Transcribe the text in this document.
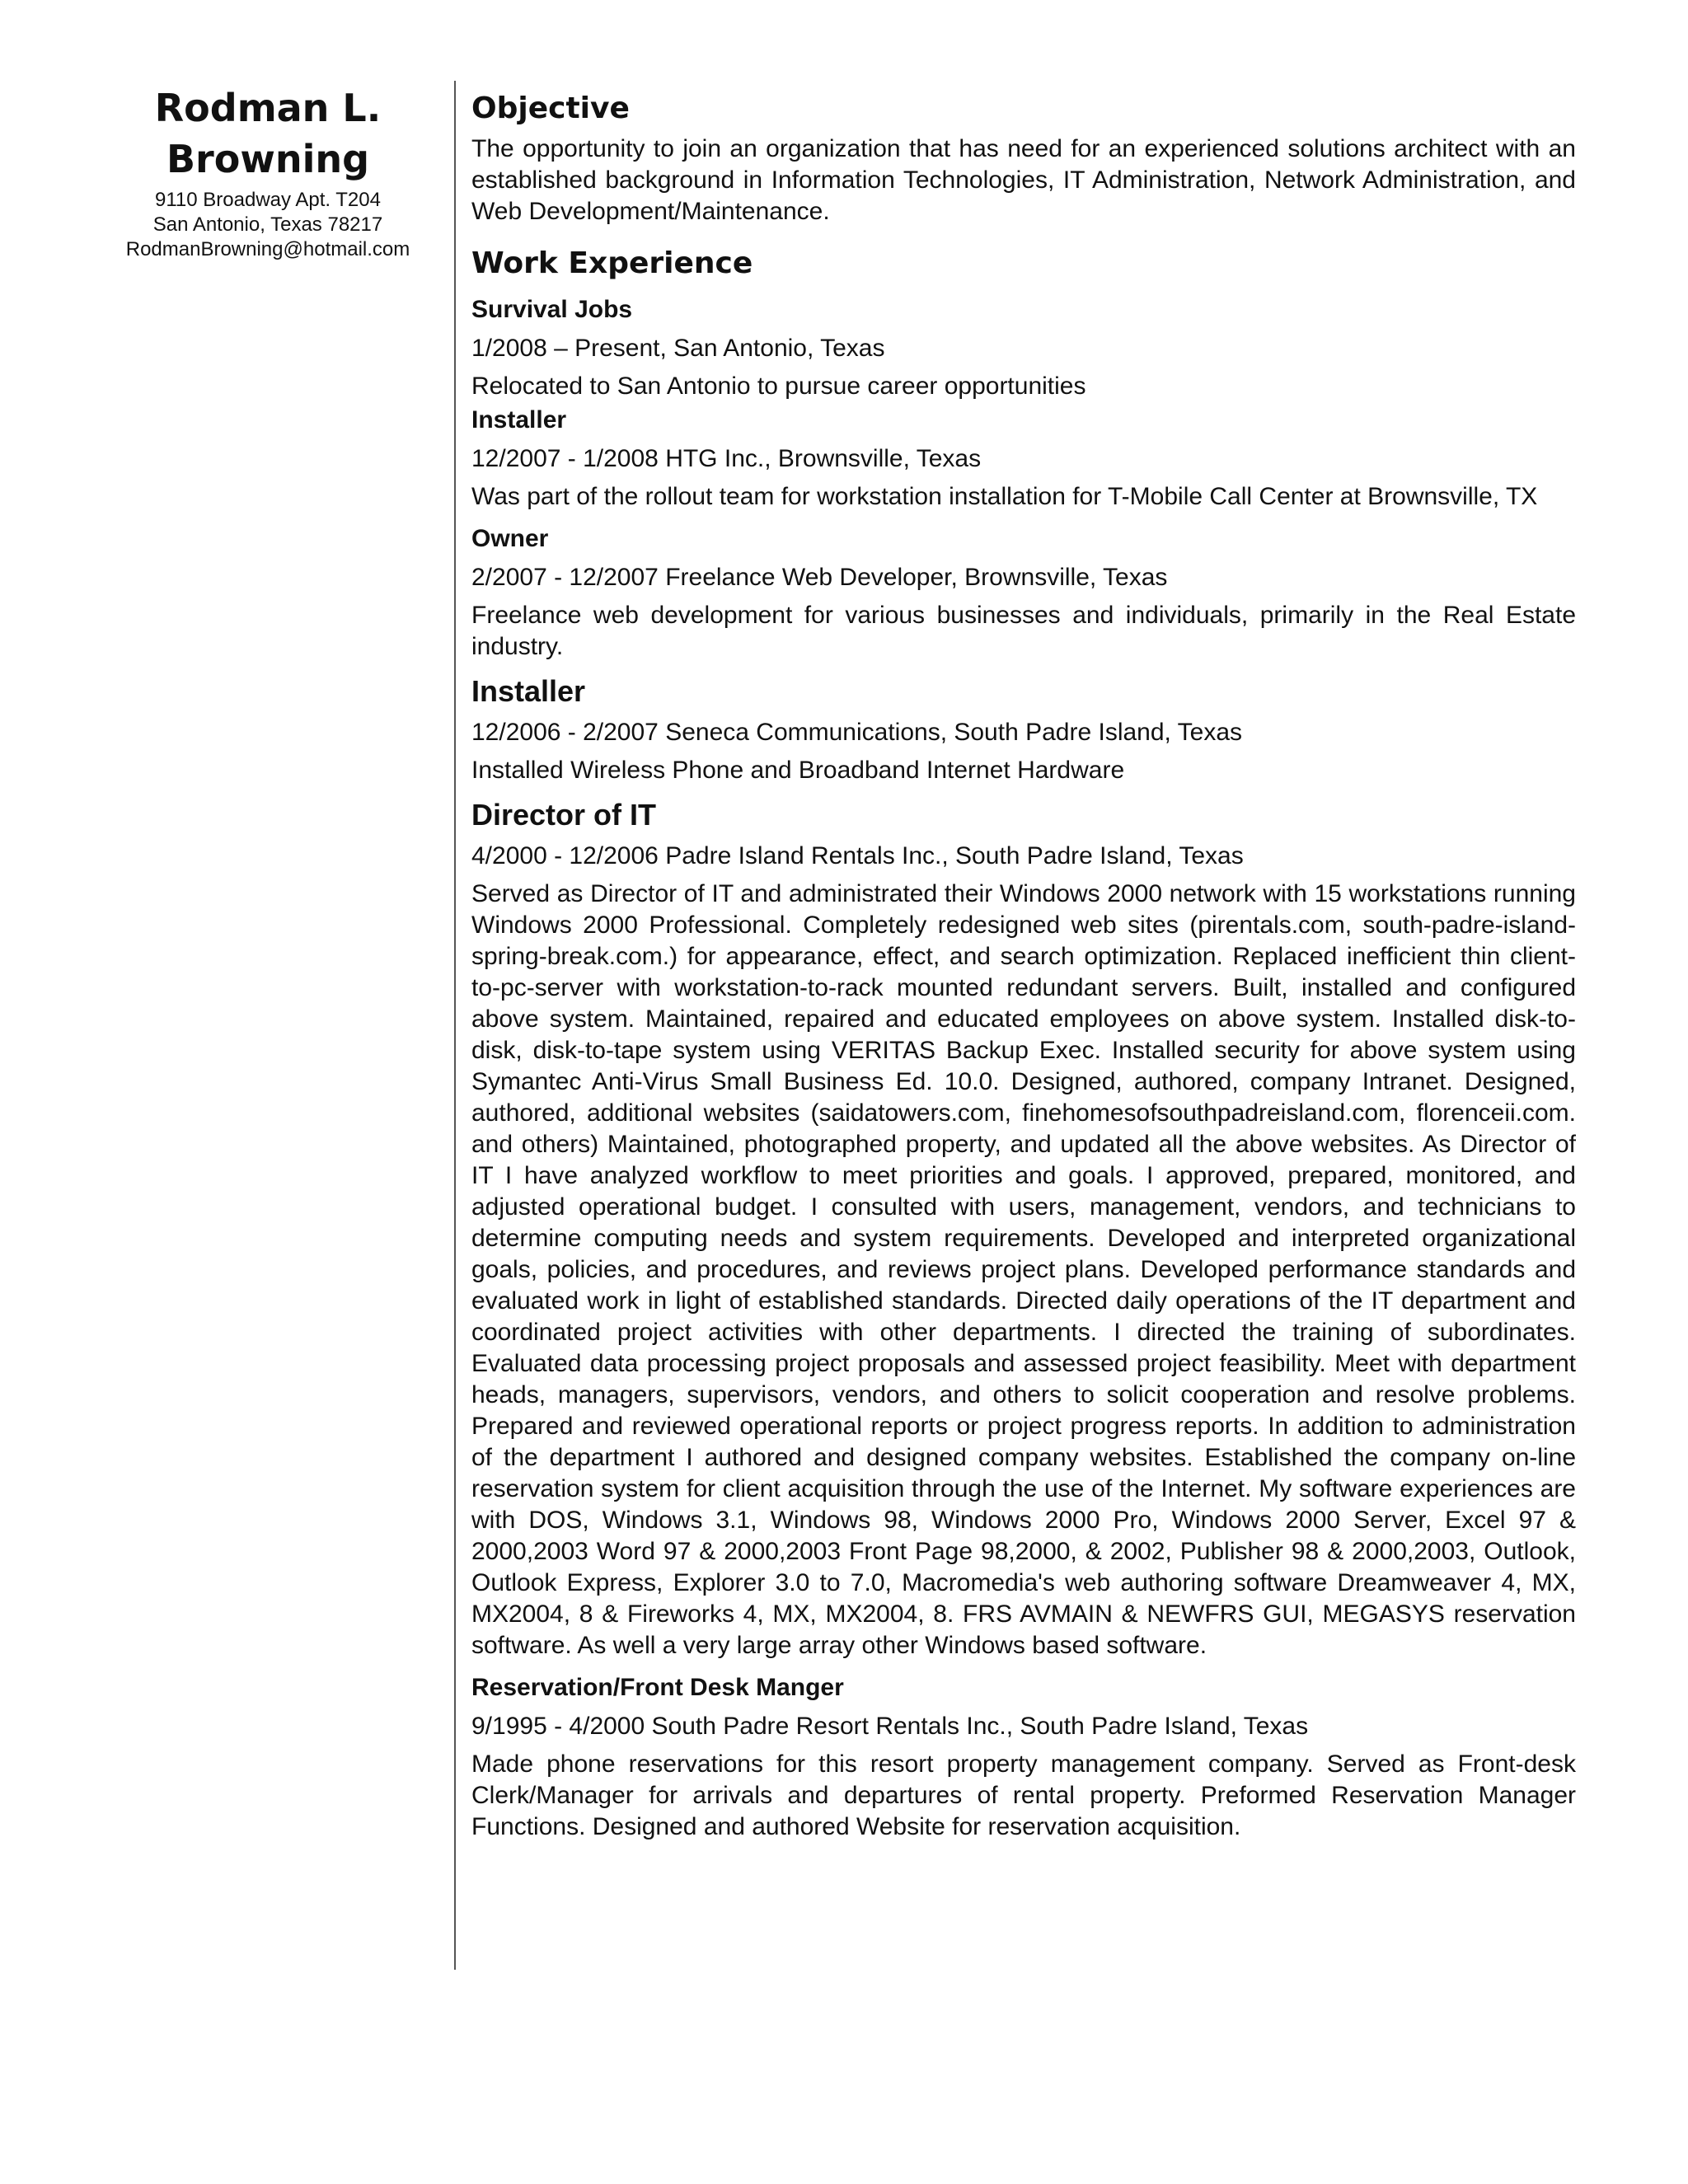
Rodman L.

Browning

9110 Broadway Apt. T204

San Antonio, Texas 78217

RodmanBrowning@hotmail.com

Objective

The opportunity to join an organization that has need for an experienced solutions architect with an established background in Information Technologies, IT Administration, Network Administration, and Web Development/Maintenance.

Work Experience

Survival Jobs

1/2008 – Present, San Antonio, Texas

Relocated to San Antonio to pursue career opportunities

Installer

12/2007 - 1/2008 HTG Inc., Brownsville, Texas

Was part of the rollout team for workstation installation for T-Mobile Call Center at Brownsville, TX

Owner

2/2007 - 12/2007 Freelance Web Developer, Brownsville, Texas

Freelance web development for various businesses and individuals, primarily in the Real Estate industry.

Installer

12/2006 - 2/2007 Seneca Communications, South Padre Island, Texas

Installed Wireless Phone and Broadband Internet Hardware

Director of IT

4/2000 - 12/2006 Padre Island Rentals Inc., South Padre Island, Texas

Served as Director of IT and administrated their Windows 2000 network with 15 workstations running Windows 2000 Professional. Completely redesigned web sites (pirentals.com, south-padre-island-spring-break.com.) for appearance, effect, and search optimization. Replaced inefficient thin client-to-pc-server with workstation-to-rack mounted redundant servers. Built, installed and configured above system. Maintained, repaired and educated employees on above system. Installed disk-to-disk, disk-to-tape system using VERITAS Backup Exec. Installed security for above system using Symantec Anti-Virus Small Business Ed. 10.0. Designed, authored, company Intranet. Designed, authored, additional websites (saidatowers.com, finehomesofsouthpadreisland.com, florenceii.com. and others) Maintained, photographed property, and updated all the above websites. As Director of IT I have analyzed workflow to meet priorities and goals. I approved, prepared, monitored, and adjusted operational budget. I consulted with users, management, vendors, and technicians to determine computing needs and system requirements. Developed and interpreted organizational goals, policies, and procedures, and reviews project plans. Developed performance standards and evaluated work in light of established standards. Directed daily operations of the IT department and coordinated project activities with other departments. I directed the training of subordinates. Evaluated data processing project proposals and assessed project feasibility. Meet with department heads, managers, supervisors, vendors, and others to solicit cooperation and resolve problems. Prepared and reviewed operational reports or project progress reports. In addition to administration of the department I authored and designed company websites. Established the company on-line reservation system for client acquisition through the use of the Internet. My software experiences are with DOS, Windows 3.1, Windows 98, Windows 2000 Pro, Windows 2000 Server, Excel 97 & 2000,2003 Word 97 & 2000,2003 Front Page 98,2000, & 2002, Publisher 98 & 2000,2003, Outlook, Outlook Express, Explorer 3.0 to 7.0, Macromedia's web authoring software Dreamweaver 4, MX, MX2004, 8 & Fireworks 4, MX, MX2004, 8. FRS AVMAIN & NEWFRS GUI, MEGASYS reservation software. As well a very large array other Windows based software.

Reservation/Front Desk Manger

9/1995 - 4/2000 South Padre Resort Rentals Inc., South Padre Island, Texas

Made phone reservations for this resort property management company. Served as Front-desk Clerk/Manager for arrivals and departures of rental property. Preformed Reservation Manager Functions. Designed and authored Website for reservation acquisition.
